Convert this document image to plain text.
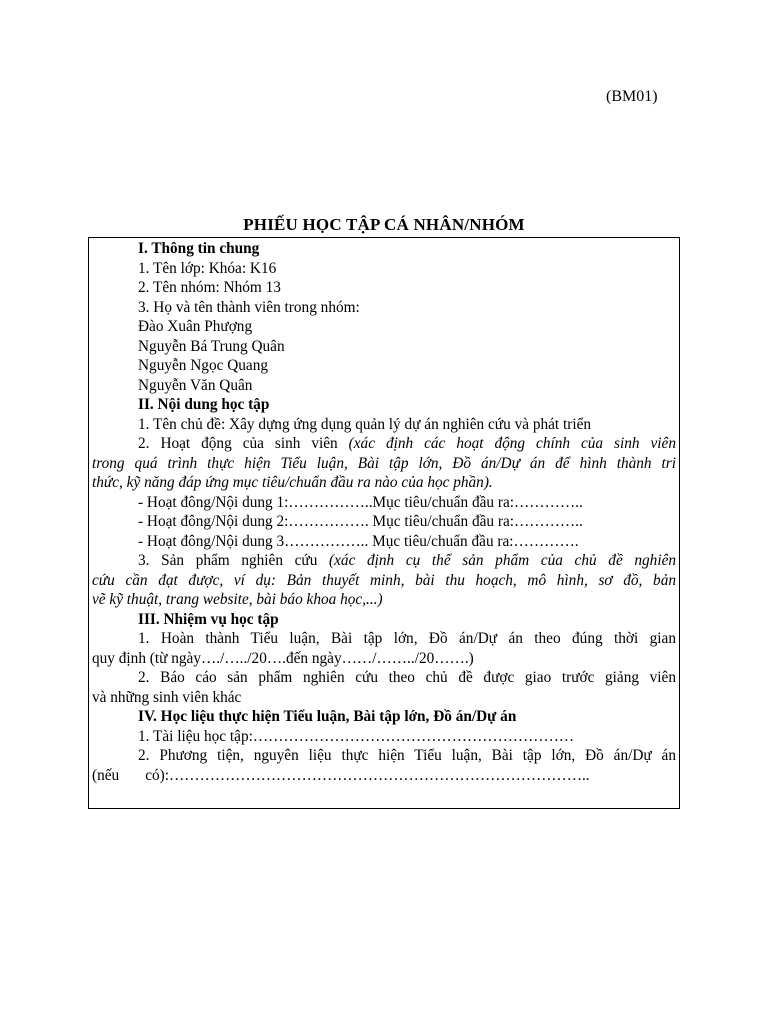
(BM01)
PHIẾU HỌC TẬP CÁ NHÂN/NHÓM
I. Thông tin chung
1. Tên lớp: Khóa: K16
2. Tên nhóm: Nhóm 13
3. Họ và tên thành viên trong nhóm:
Đào Xuân Phượng
Nguyễn Bá Trung Quân
Nguyễn Ngọc Quang
Nguyễn Văn Quân
II. Nội dung học tập
1. Tên chủ đề: Xây dựng ứng dụng quản lý dự án nghiên cứu và phát triển
2. Hoạt động của sinh viên (xác định các hoạt động chính của sinh viên
trong quá trình thực hiện Tiểu luận, Bài tập lớn, Đồ án/Dự án để hình thành tri
thức, kỹ năng đáp ứng mục tiêu/chuẩn đầu ra nào của học phần).
- Hoạt đông/Nội dung 1:……………..Mục tiêu/chuẩn đầu ra:…………..
- Hoạt đông/Nội dung 2:……………. Mục tiêu/chuẩn đầu ra:…………..
- Hoạt đông/Nội dung 3…………….. Mục tiêu/chuẩn đầu ra:………….
3. Sản phẩm nghiên cứu (xác định cụ thể sản phẩm của chủ đề nghiên
cứu cần đạt được, ví dụ: Bản thuyết minh, bài thu hoạch, mô hình, sơ đồ, bản
vẽ kỹ thuật, trang website, bài báo khoa học,...)
III. Nhiệm vụ học tập
1. Hoàn thành Tiểu luận, Bài tập lớn, Đồ án/Dự án theo đúng thời gian
quy định (từ ngày…./…../20….đến ngày……/……../20…….)
2. Báo cáo sản phẩm nghiên cứu theo chủ đề được giao trước giảng viên
và những sinh viên khác
IV. Học liệu thực hiện Tiểu luận, Bài tập lớn, Đồ án/Dự án
1. Tài liệu học tập:………………………………………………………
2. Phương tiện, nguyên liệu thực hiện Tiểu luận, Bài tập lớn, Đồ án/Dự án
(nếu có):………………………………………………………………………..
